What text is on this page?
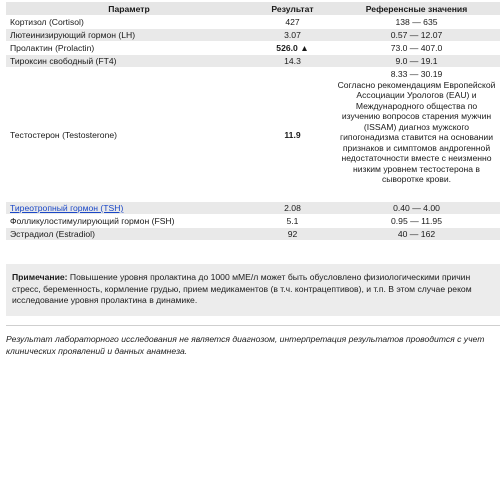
Параметр	Результат	Референсные значения
Кортизол (Cortisol)	427	138 — 635
Лютеинизирующий гормон (LH)	3.07	0.57 — 12.07
Пролактин (Prolactin)	526.0 ▲	73.0 — 407.0
Тироксин свободный (FT4)	14.3	9.0 — 19.1
Тестостерон (Testosterone)	11.9	8.33 — 30.19
Согласно рекомендациям Европейской Ассоциации Урологов (EAU) и Международного общества по изучению вопросов старения мужчин (ISSAM) диагноз мужского гипогонадизма ставится на основании признаков и симптомов андрогенной недостаточности вместе с неизменно низким уровнем тестостерона в сыворотке крови.

Тиреотропный гормон (TSH)	2.08	0.40 — 4.00
Фолликулостимулирующий гормон (FSH)	5.1	0.95 — 11.95
Эстрадиол (Estradiol)	92	40 — 162
Примечание: Повышение уровня пролактина до 1000 мМЕ/л может быть обусловлено физиологическими причин
стресс, беременность, кормление грудью, прием медикаментов (в т.ч. контрацептивов), и т.п. В этом случае реком
исследование уровня пролактина в динамике.
Результат лабораторного исследования не является диагнозом, интерпретация результатов проводится с учет
клинических проявлений и данных анамнеза.
